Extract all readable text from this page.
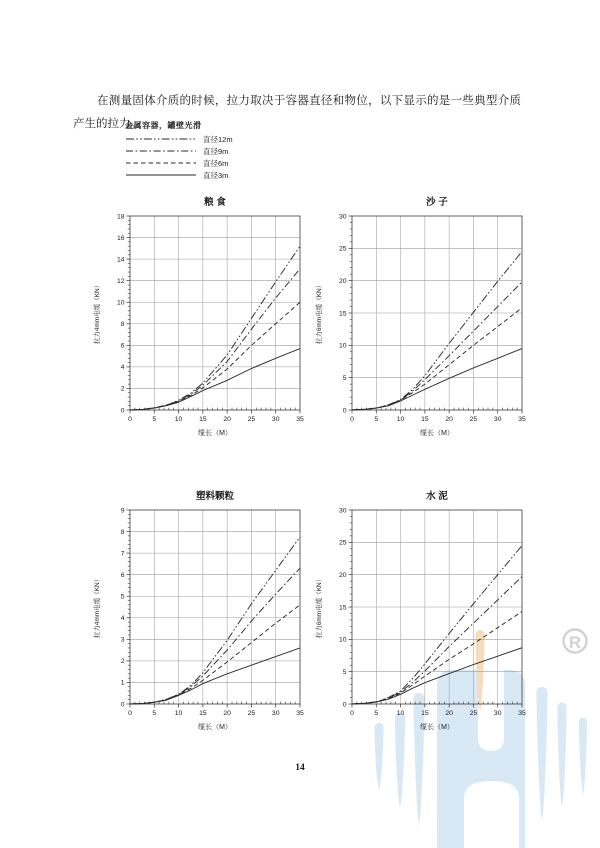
R

在测量固体介质的时候，拉力取决于容器直径和物位，以下显示的是一些典型介质产生的拉力。

金属容器，罐壁光滑
直径12m
直径9m
直径6m
直径3m
0	5	10 15 20 25 30 35
0
2
4
6
8
10
12
14
16
18
粮 食
缆长（M）
拉力4mm电缆（KN）
0	5	10 15 20 25 30 35
0
5
10
15
20
25
30
沙 子
缆长（M）
拉力6mm电缆（KN）
0	5	10 15 20 25 30 35
0
1
2
3
4
5
6
7
8
9
塑料颗粒
缆长（M）
拉力4mm电缆（KN）
0	5	10 15 20 25 30 35
0
5
10
15
20
25
30
水 泥
缆长（M）
拉力6mm电缆（KN）
14
